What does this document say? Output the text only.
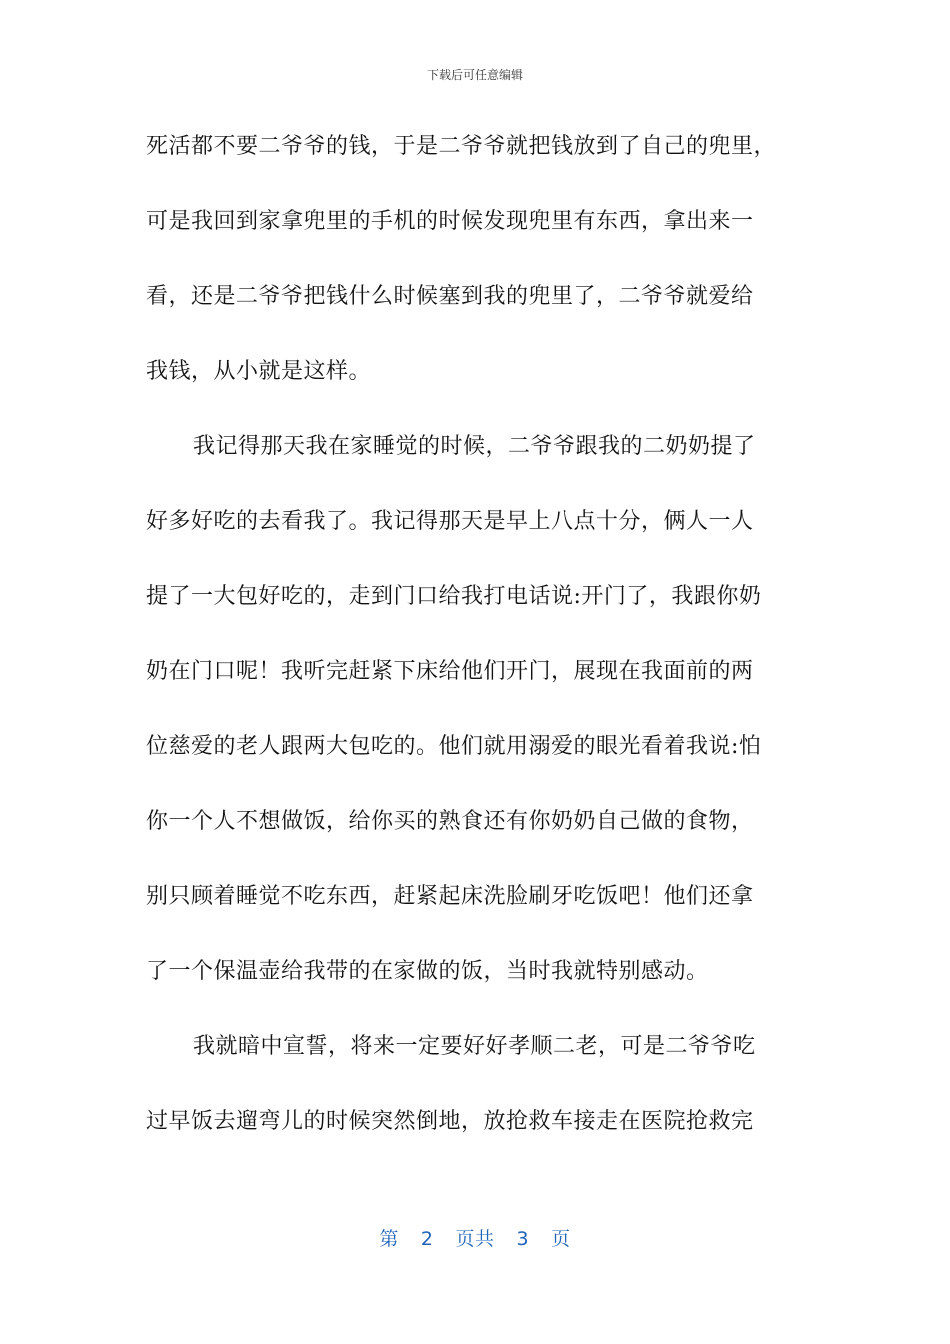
下载后可任意编辑
死活都不要二爷爷的钱，于是二爷爷就把钱放到了自己的兜里，
可是我回到家拿兜里的手机的时候发现兜里有东西，拿出来一
看，还是二爷爷把钱什么时候塞到我的兜里了，二爷爷就爱给
我钱，从小就是这样。
我记得那天我在家睡觉的时候，二爷爷跟我的二奶奶提了
好多好吃的去看我了。我记得那天是早上八点十分，俩人一人
提了一大包好吃的，走到门口给我打电话说:开门了，我跟你奶
奶在门口呢！我听完赶紧下床给他们开门，展现在我面前的两
位慈爱的老人跟两大包吃的。他们就用溺爱的眼光看着我说:怕
你一个人不想做饭，给你买的熟食还有你奶奶自己做的食物，
别只顾着睡觉不吃东西，赶紧起床洗脸刷牙吃饭吧！他们还拿
了一个保温壶给我带的在家做的饭，当时我就特别感动。
我就暗中宣誓，将来一定要好好孝顺二老，可是二爷爷吃
过早饭去遛弯儿的时候突然倒地，放抢救车接走在医院抢救完
第 2 页共 3 页
